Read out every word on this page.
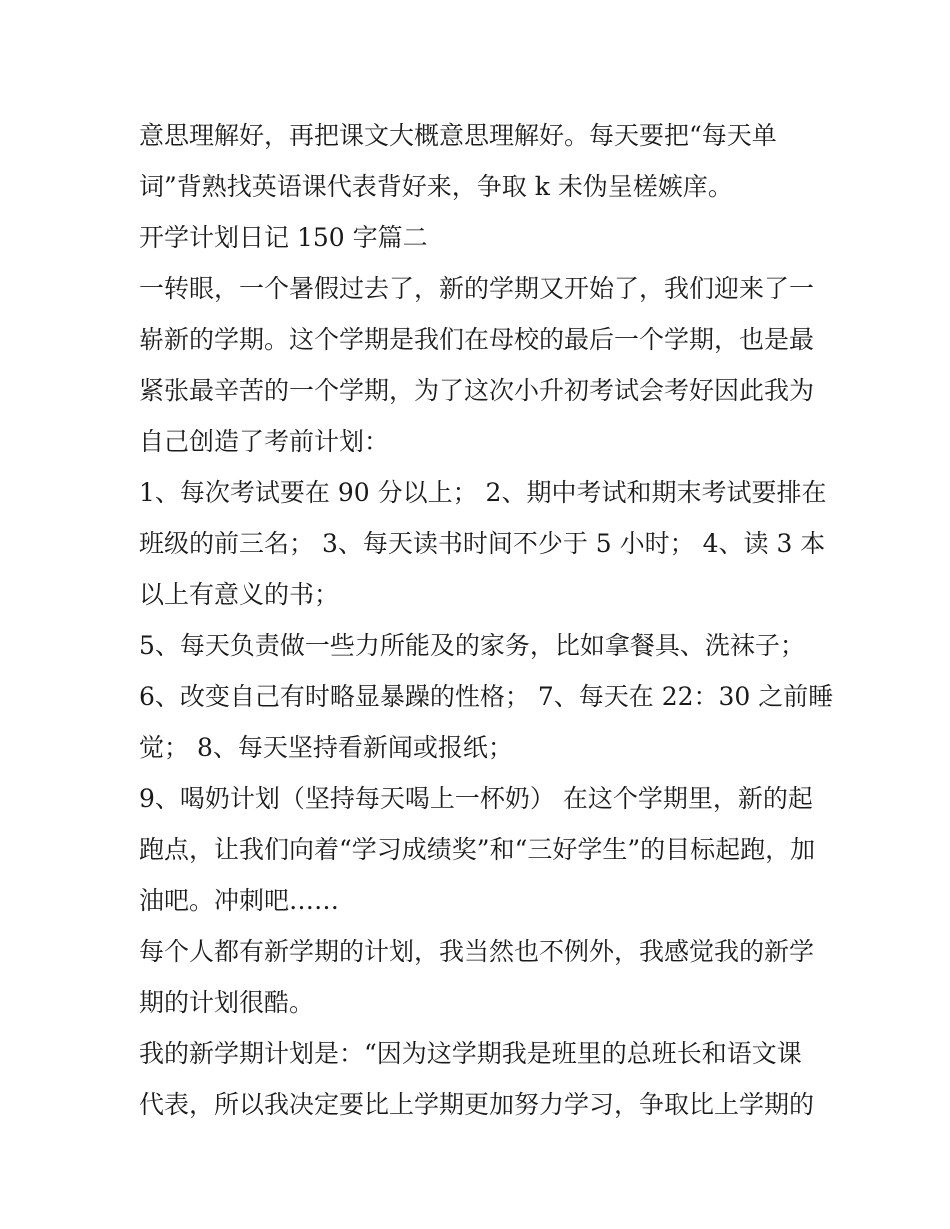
意思理解好，再把课文大概意思理解好。每天要把“每天单
词”背熟找英语课代表背好来，争取 k 未伪呈槎嫉庠。
开学计划日记 150 字篇二
一转眼，一个暑假过去了，新的学期又开始了，我们迎来了一
崭新的学期。这个学期是我们在母校的最后一个学期，也是最
紧张最辛苦的一个学期，为了这次小升初考试会考好因此我为
自己创造了考前计划：
1、每次考试要在 90 分以上； 2、期中考试和期末考试要排在
班级的前三名； 3、每天读书时间不少于 5 小时； 4、读 3 本
以上有意义的书；
5、每天负责做一些力所能及的家务，比如拿餐具、洗袜子；
6、改变自己有时略显暴躁的性格； 7、每天在 22：30 之前睡
觉； 8、每天坚持看新闻或报纸；
9、喝奶计划（坚持每天喝上一杯奶） 在这个学期里，新的起
跑点，让我们向着“学习成绩奖”和“三好学生”的目标起跑，加
油吧。冲刺吧……
每个人都有新学期的计划，我当然也不例外，我感觉我的新学
期的计划很酷。
我的新学期计划是：“因为这学期我是班里的总班长和语文课
代表，所以我决定要比上学期更加努力学习，争取比上学期的
